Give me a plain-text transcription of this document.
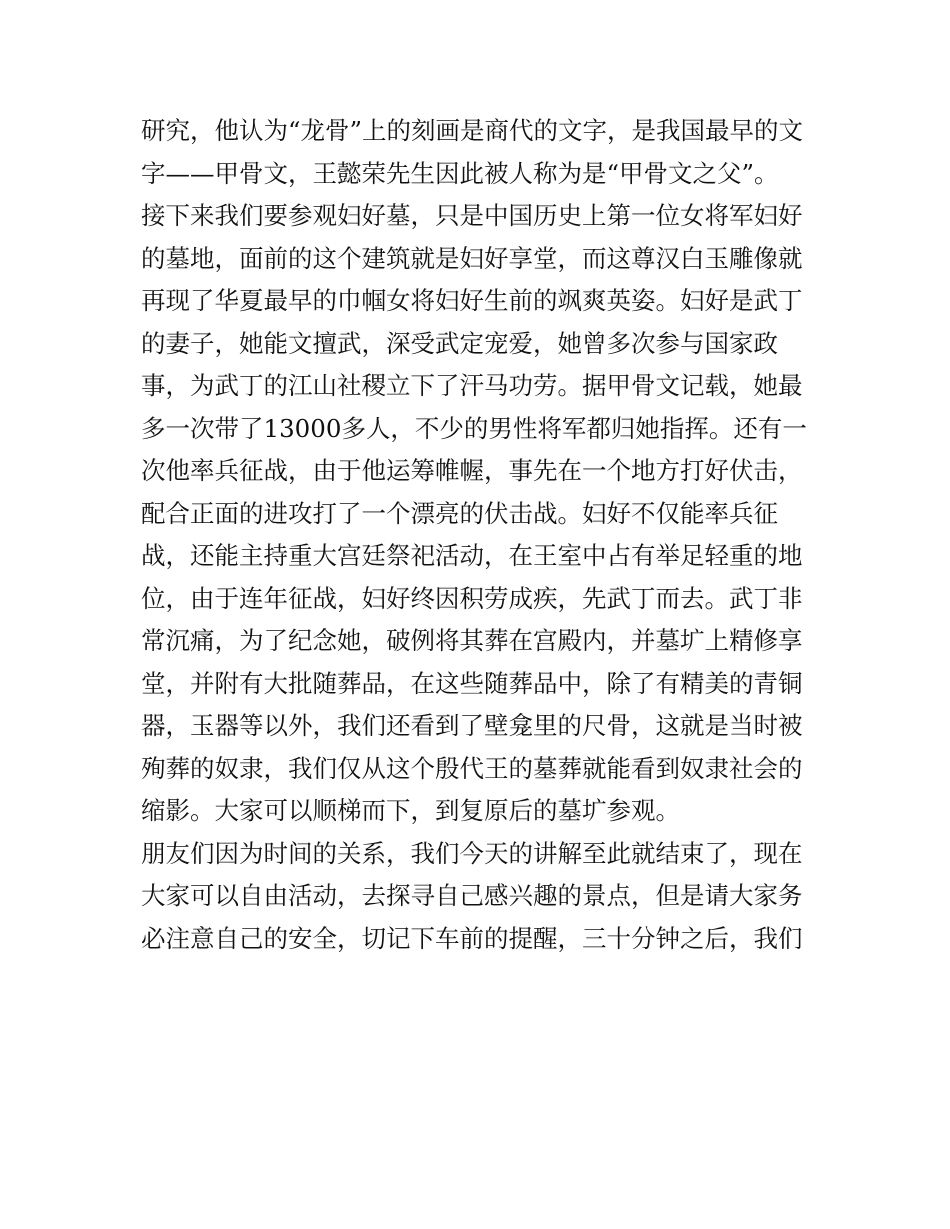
研究，他认为“龙骨”上的刻画是商代的文字，是我国最早的文
字——甲骨文，王懿荣先生因此被人称为是“甲骨文之父”。
接下来我们要参观妇好墓，只是中国历史上第一位女将军妇好
的墓地，面前的这个建筑就是妇好享堂，而这尊汉白玉雕像就
再现了华夏最早的巾帼女将妇好生前的飒爽英姿。妇好是武丁
的妻子，她能文擅武，深受武定宠爱，她曾多次参与国家政
事，为武丁的江山社稷立下了汗马功劳。据甲骨文记载，她最
多一次带了13000多人，不少的男性将军都归她指挥。还有一
次他率兵征战，由于他运筹帷幄，事先在一个地方打好伏击，
配合正面的进攻打了一个漂亮的伏击战。妇好不仅能率兵征
战，还能主持重大宫廷祭祀活动，在王室中占有举足轻重的地
位，由于连年征战，妇好终因积劳成疾，先武丁而去。武丁非
常沉痛，为了纪念她，破例将其葬在宫殿内，并墓圹上精修享
堂，并附有大批随葬品，在这些随葬品中，除了有精美的青铜
器，玉器等以外，我们还看到了壁龛里的尺骨，这就是当时被
殉葬的奴隶，我们仅从这个殷代王的墓葬就能看到奴隶社会的
缩影。大家可以顺梯而下，到复原后的墓圹参观。
朋友们因为时间的关系，我们今天的讲解至此就结束了，现在
大家可以自由活动，去探寻自己感兴趣的景点，但是请大家务
必注意自己的安全，切记下车前的提醒，三十分钟之后，我们
